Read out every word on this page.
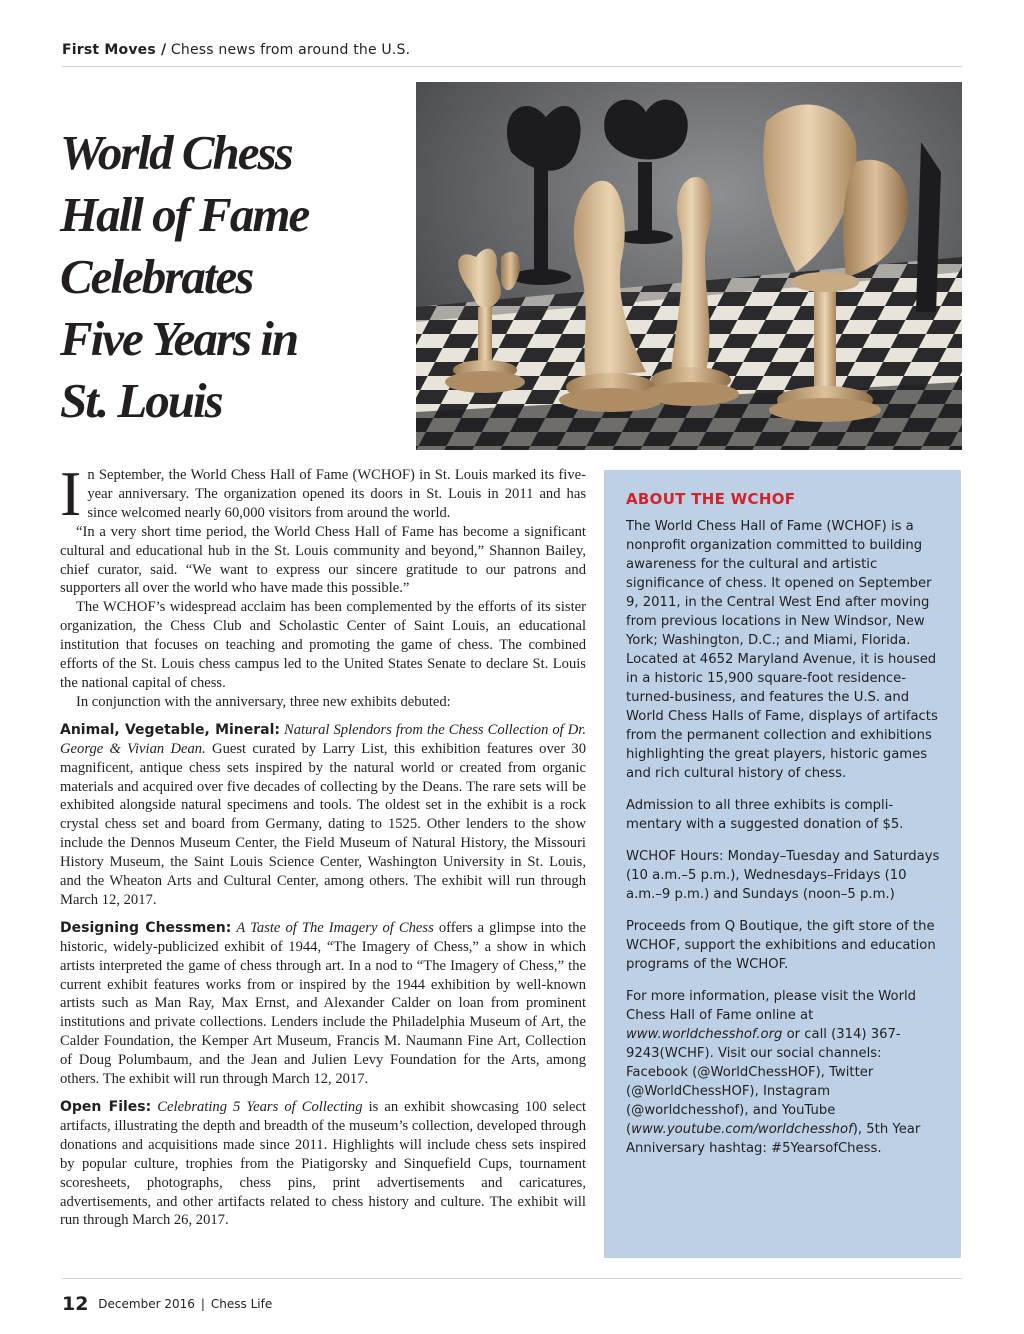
First Moves / Chess news from around the U.S.
World Chess
Hall of Fame
Celebrates
Five Years in
St. Louis

In September, the World Chess Hall of Fame (WCHOF) in St. Louis marked its five-year anniversary. The organization opened its doors in St. Louis in 2011 and has since welcomed nearly 60,000 visitors from around the world.

“In a very short time period, the World Chess Hall of Fame has become a significant cultural and educational hub in the St. Louis community and beyond,” Shannon Bailey, chief curator, said. “We want to express our sincere gratitude to our patrons and supporters all over the world who have made this possible.”

The WCHOF’s widespread acclaim has been complemented by the efforts of its sister organization, the Chess Club and Scholastic Center of Saint Louis, an educational institution that focuses on teaching and promoting the game of chess. The combined efforts of the St. Louis chess campus led to the United States Senate to declare St. Louis the national capital of chess.

In conjunction with the anniversary, three new exhibits debuted:

Animal, Vegetable, Mineral: Natural Splendors from the Chess Collection of Dr. George & Vivian Dean. Guest curated by Larry List, this exhibition features over 30 magnificent, antique chess sets inspired by the natural world or created from organic materials and acquired over five decades of collecting by the Deans. The rare sets will be exhibited alongside natural specimens and tools. The oldest set in the exhibit is a rock crystal chess set and board from Germany, dating to 1525. Other lenders to the show include the Dennos Museum Center, the Field Museum of Natural History, the Missouri History Museum, the Saint Louis Science Center, Washington University in St. Louis, and the Wheaton Arts and Cultural Center, among others. The exhibit will run through March 12, 2017.

Designing Chessmen: A Taste of The Imagery of Chess offers a glimpse into the historic, widely-publicized exhibit of 1944, “The Imagery of Chess,” a show in which artists interpreted the game of chess through art. In a nod to “The Imagery of Chess,” the current exhibit features works from or inspired by the 1944 exhibition by well-known artists such as Man Ray, Max Ernst, and Alexander Calder on loan from prominent institutions and private collections. Lenders include the Philadelphia Museum of Art, the Calder Foundation, the Kemper Art Museum, Francis M. Naumann Fine Art, Collection of Doug Polumbaum, and the Jean and Julien Levy Foundation for the Arts, among others. The exhibit will run through March 12, 2017.

Open Files: Celebrating 5 Years of Collecting is an exhibit showcasing 100 select artifacts, illustrating the depth and breadth of the museum’s collection, developed through donations and acquisitions made since 2011. Highlights will include chess sets inspired by popular culture, trophies from the Piatigorsky and Sinquefield Cups, tournament scoresheets, photographs, chess pins, print advertisements and caricatures, advertisements, and other artifacts related to chess history and culture. The exhibit will run through March 26, 2017.

ABOUT THE WCHOF

The World Chess Hall of Fame (WCHOF) is a nonprofit organization committed to building awareness for the cultural and artistic significance of chess. It opened on September 9, 2011, in the Central West End after moving from previous locations in New Windsor, New York; Washington, D.C.; and Miami, Florida. Located at 4652 Maryland Avenue, it is housed in a historic 15,900 square-foot residence-turned-business, and features the U.S. and World Chess Halls of Fame, displays of artifacts from the permanent collection and exhibitions highlighting the great players, historic games and rich cultural history of chess.

Admission to all three exhibits is compli-mentary with a suggested donation of $5.

WCHOF Hours: Monday–Tuesday and Saturdays (10 a.m.–5 p.m.), Wednesdays–Fridays (10 a.m.–9 p.m.) and Sundays (noon–5 p.m.)

Proceeds from Q Boutique, the gift store of the WCHOF, support the exhibitions and education programs of the WCHOF.

For more information, please visit the World Chess Hall of Fame online at www.worldchesshof.org or call (314) 367-9243(WCHF). Visit our social channels: Facebook (@WorldChessHOF), Twitter (@WorldChessHOF), Instagram (@worldchesshof), and YouTube (www.youtube.com/worldchesshof), 5th Year Anniversary hashtag: #5YearsofChess.

12 December 2016 | Chess Life
